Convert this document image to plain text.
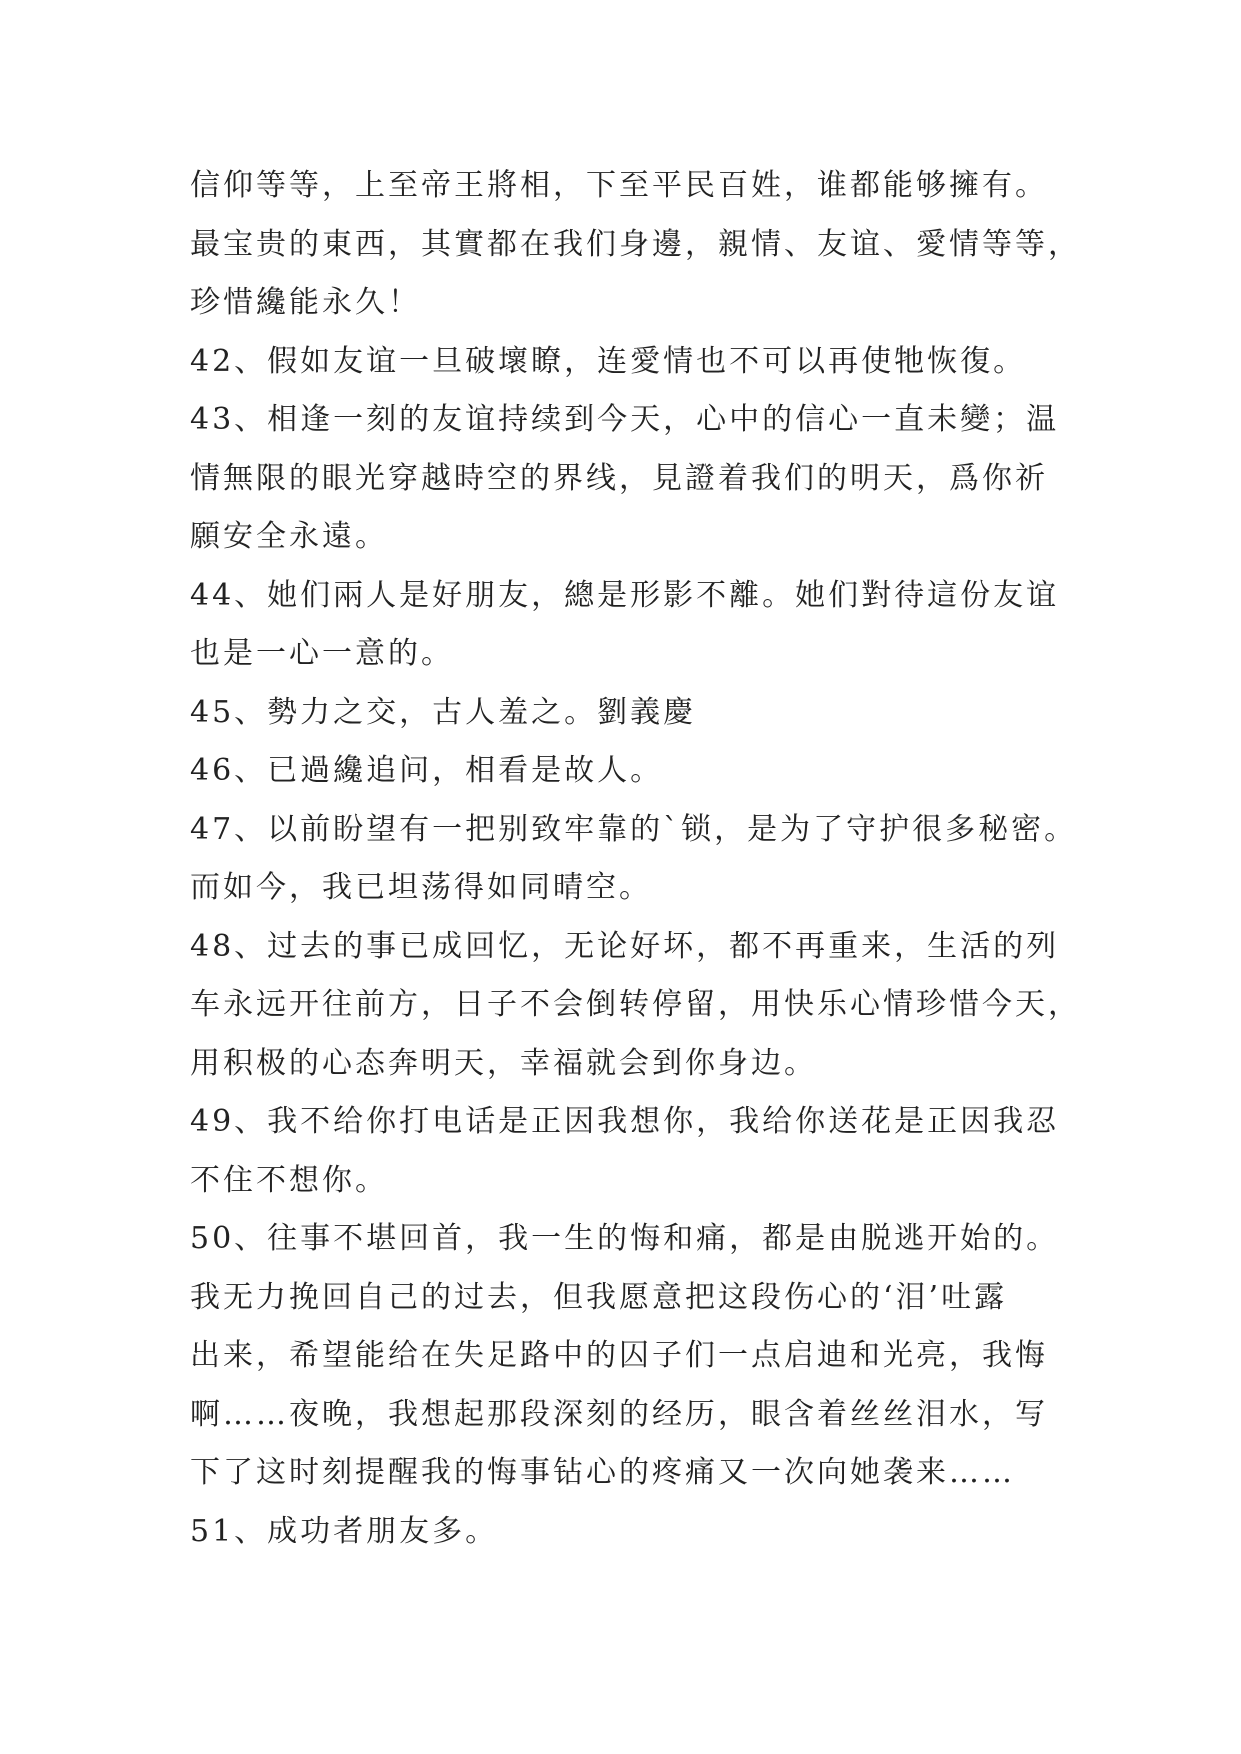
信仰等等，上至帝王將相，下至平民百姓，谁都能够擁有。
最宝贵的東西，其實都在我们身邊，親情、友谊、愛情等等，
珍惜纔能永久！
42、假如友谊一旦破壞瞭，连愛情也不可以再使牠恢復。
43、相逢一刻的友谊持续到今天，心中的信心一直未變；温
情無限的眼光穿越時空的界线，見證着我们的明天，爲你祈
願安全永遠。
44、她们兩人是好朋友，總是形影不離。她们對待這份友谊
也是一心一意的。
45、勢力之交，古人羞之。劉義慶
46、已過纔追问，相看是故人。
47、以前盼望有一把别致牢靠的`锁，是为了守护很多秘密。
而如今，我已坦荡得如同晴空。
48、过去的事已成回忆，无论好坏，都不再重来，生活的列
车永远开往前方，日子不会倒转停留，用快乐心情珍惜今天，
用积极的心态奔明天，幸福就会到你身边。
49、我不给你打电话是正因我想你，我给你送花是正因我忍
不住不想你。
50、往事不堪回首，我一生的悔和痛，都是由脱逃开始的。
我无力挽回自己的过去，但我愿意把这段伤心的‘泪’吐露
出来，希望能给在失足路中的囚子们一点启迪和光亮，我悔
啊……夜晚，我想起那段深刻的经历，眼含着丝丝泪水，写
下了这时刻提醒我的悔事钻心的疼痛又一次向她袭来……
51、成功者朋友多。
